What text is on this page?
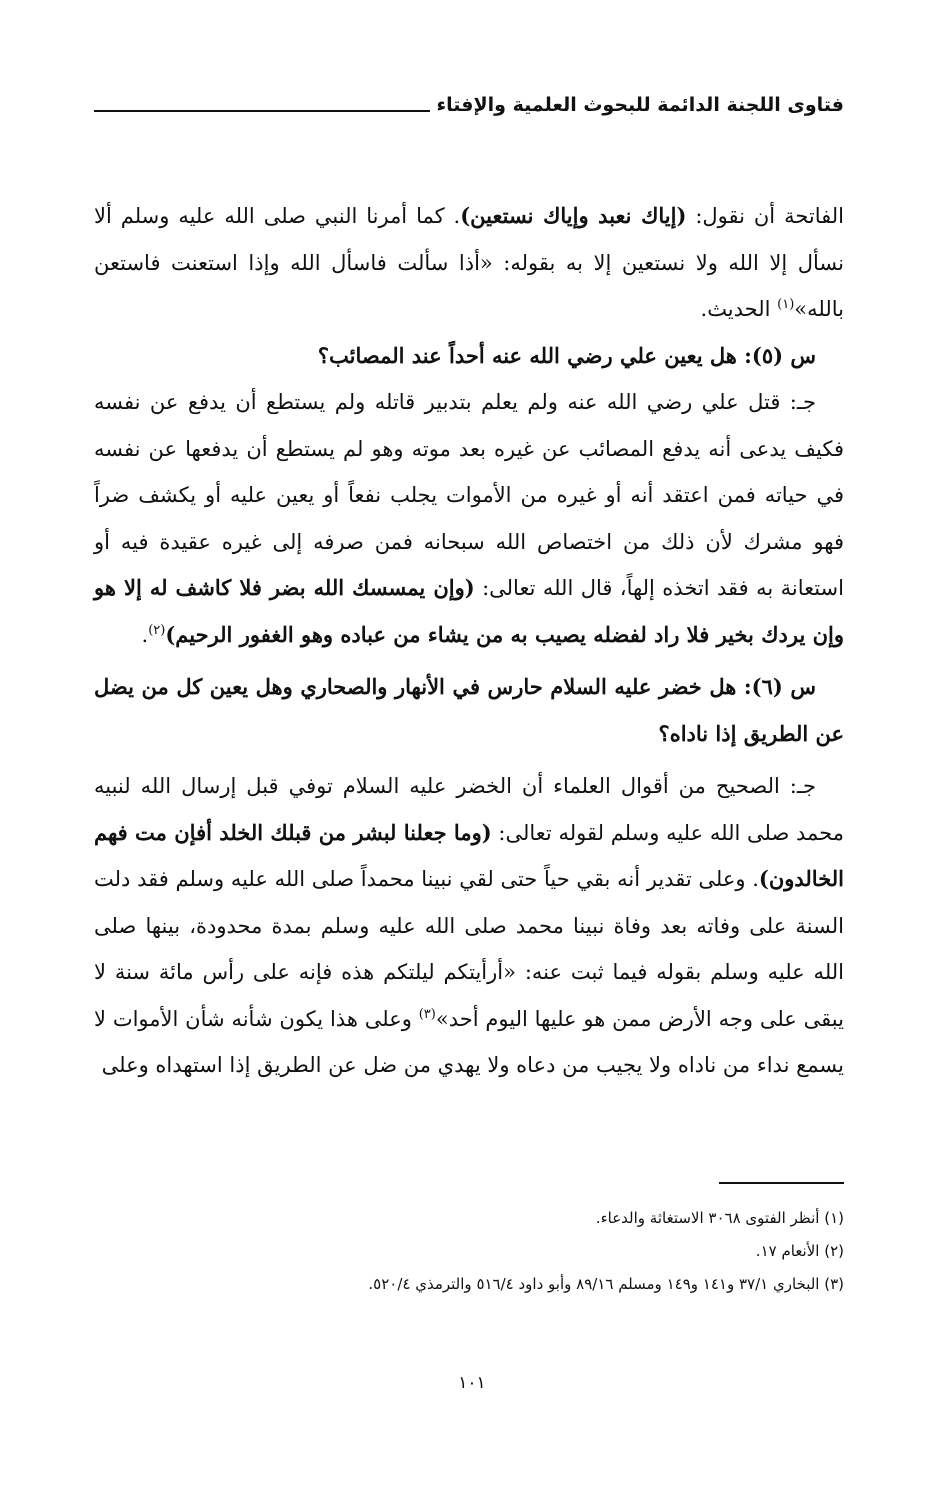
فتاوى اللجنة الدائمة للبحوث العلمية والإفتاء

الفاتحة أن نقول: (إياك نعبد وإياك نستعين). كما أمرنا النبي صلى الله عليه وسلم ألا نسأل إلا الله ولا نستعين إلا به بقوله: «أذا سألت فاسأل الله وإذا استعنت فاستعن بالله»$^{(١)}$ الحديث.

س (٥): هل يعين علي رضي الله عنه أحداً عند المصائب؟

جـ: قتل علي رضي الله عنه ولم يعلم بتدبير قاتله ولم يستطع أن يدفع عن نفسه فكيف يدعى أنه يدفع المصائب عن غيره بعد موته وهو لم يستطع أن يدفعها عن نفسه في حياته فمن اعتقد أنه أو غيره من الأموات يجلب نفعاً أو يعين عليه أو يكشف ضراً فهو مشرك لأن ذلك من اختصاص الله سبحانه فمن صرفه إلى غيره عقيدة فيه أو استعانة به فقد اتخذه إلهاً، قال الله تعالى: (وإن يمسسك الله بضر فلا كاشف له إلا هو وإن يردك بخير فلا راد لفضله يصيب به من يشاء من عباده وهو الغفور الرحيم)$^{(٢)}$.

س (٦): هل خضر عليه السلام حارس في الأنهار والصحاري وهل يعين كل من يضل عن الطريق إذا ناداه؟

جـ: الصحيح من أقوال العلماء أن الخضر عليه السلام توفي قبل إرسال الله لنبيه محمد صلى الله عليه وسلم لقوله تعالى: (وما جعلنا لبشر من قبلك الخلد أفإن مت فهم الخالدون). وعلى تقدير أنه بقي حياً حتى لقي نبينا محمداً صلى الله عليه وسلم فقد دلت السنة على وفاته بعد وفاة نبينا محمد صلى الله عليه وسلم بمدة محدودة، بينها صلى الله عليه وسلم بقوله فيما ثبت عنه: «أرأيتكم ليلتكم هذه فإنه على رأس مائة سنة لا يبقى على وجه الأرض ممن هو عليها اليوم أحد»$^{(٣)}$ وعلى هذا يكون شأنه شأن الأموات لا يسمع نداء من ناداه ولا يجيب من دعاه ولا يهدي من ضل عن الطريق إذا استهداه وعلى

(١) أنظر الفتوى ٣٠٦٨ الاستغاثة والدعاء.
(٢) الأنعام ١٧.
(٣) البخاري ٣٧/١ و١٤١ و١٤٩ ومسلم ٨٩/١٦ وأبو داود ٥١٦/٤ والترمذي ٥٢٠/٤.
١٠١
